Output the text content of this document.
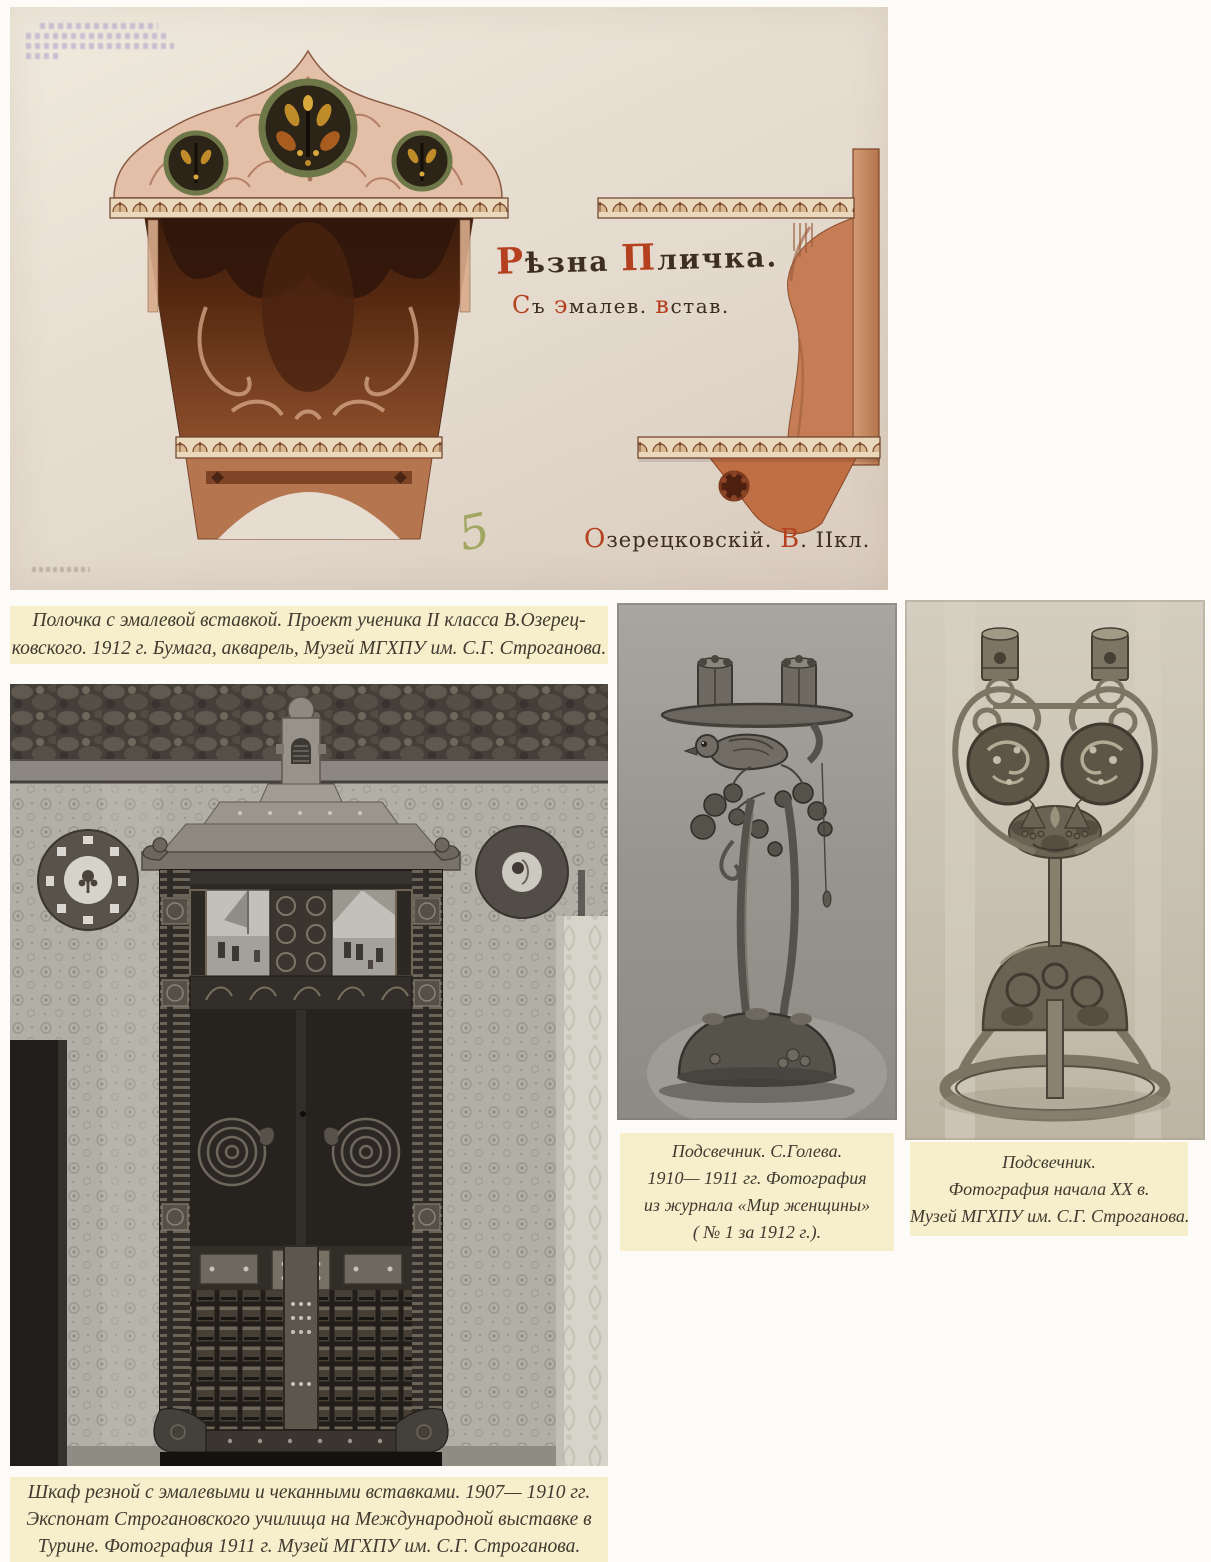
Рѣзна Пличка.
Съ эмалев. встав.
Озерецковскій. В. IIкл.
5
Полочка с эмалевой вставкой. Проект ученика II класса В.Озерец-
ковского. 1912 г. Бумага, акварель, Музей МГХПУ им. С.Г. Строганова.
Шкаф резной с эмалевыми и чеканными вставками. 1907— 1910 гг.
Экспонат Строгановского училища на Международной выставке в
Турине. Фотография 1911 г. Музей МГХПУ им. С.Г. Строганова.
Подсвечник. С.Голева.
1910— 1911 гг. Фотография
из журнала «Мир женщины»
( № 1 за 1912 г.).
Подсвечник.
Фотография начала XX в.
Музей МГХПУ им. С.Г. Строганова.
